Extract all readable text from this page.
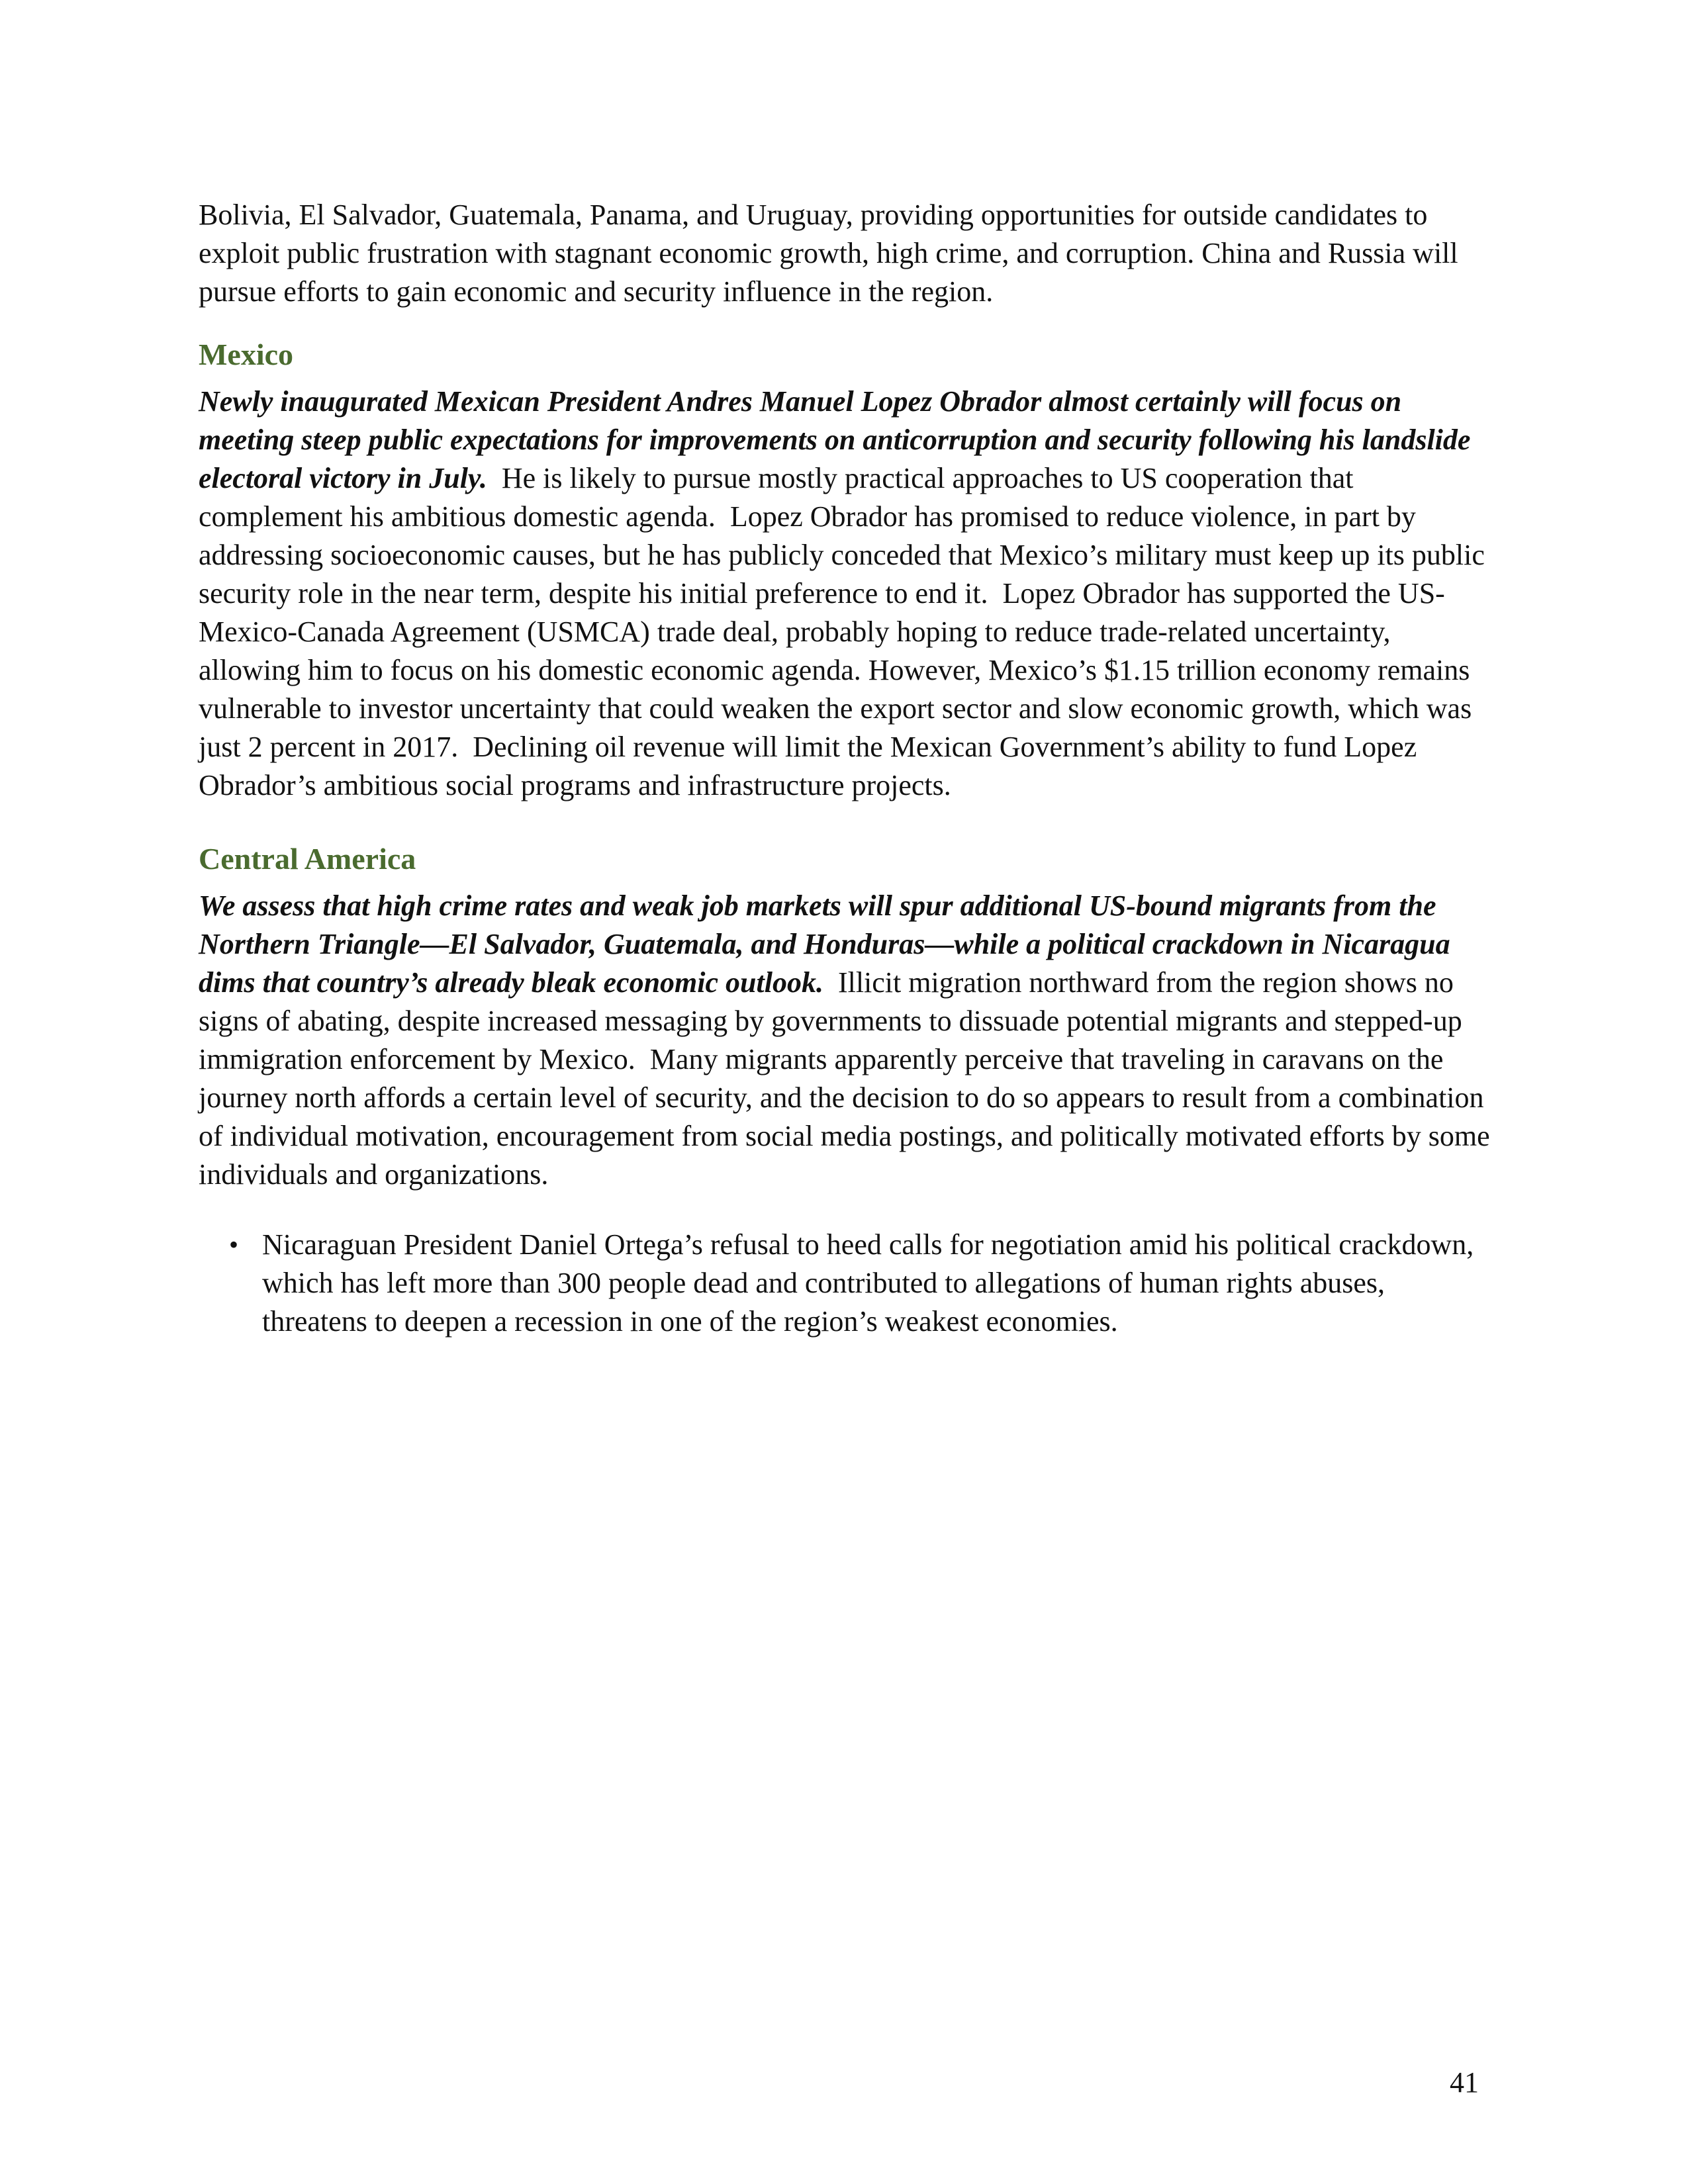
Bolivia, El Salvador, Guatemala, Panama, and Uruguay, providing opportunities for outside candidates to exploit public frustration with stagnant economic growth, high crime, and corruption. China and Russia will pursue efforts to gain economic and security influence in the region.

Mexico

Newly inaugurated Mexican President Andres Manuel Lopez Obrador almost certainly will focus on meeting steep public expectations for improvements on anticorruption and security following his landslide electoral victory in July.  He is likely to pursue mostly practical approaches to US cooperation that complement his ambitious domestic agenda.  Lopez Obrador has promised to reduce violence, in part by addressing socioeconomic causes, but he has publicly conceded that Mexico’s military must keep up its public security role in the near term, despite his initial preference to end it.  Lopez Obrador has supported the US-Mexico-Canada Agreement (USMCA) trade deal, probably hoping to reduce trade-related uncertainty, allowing him to focus on his domestic economic agenda. However, Mexico’s $1.15 trillion economy remains vulnerable to investor uncertainty that could weaken the export sector and slow economic growth, which was just 2 percent in 2017.  Declining oil revenue will limit the Mexican Government’s ability to fund Lopez Obrador’s ambitious social programs and infrastructure projects.

Central America

We assess that high crime rates and weak job markets will spur additional US-bound migrants from the Northern Triangle—El Salvador, Guatemala, and Honduras—while a political crackdown in Nicaragua dims that country’s already bleak economic outlook.  Illicit migration northward from the region shows no signs of abating, despite increased messaging by governments to dissuade potential migrants and stepped-up immigration enforcement by Mexico.  Many migrants apparently perceive that traveling in caravans on the journey north affords a certain level of security, and the decision to do so appears to result from a combination of individual motivation, encouragement from social media postings, and politically motivated efforts by some individuals and organizations.

• Nicaraguan President Daniel Ortega’s refusal to heed calls for negotiation amid his political crackdown, which has left more than 300 people dead and contributed to allegations of human rights abuses, threatens to deepen a recession in one of the region’s weakest economies.
41
